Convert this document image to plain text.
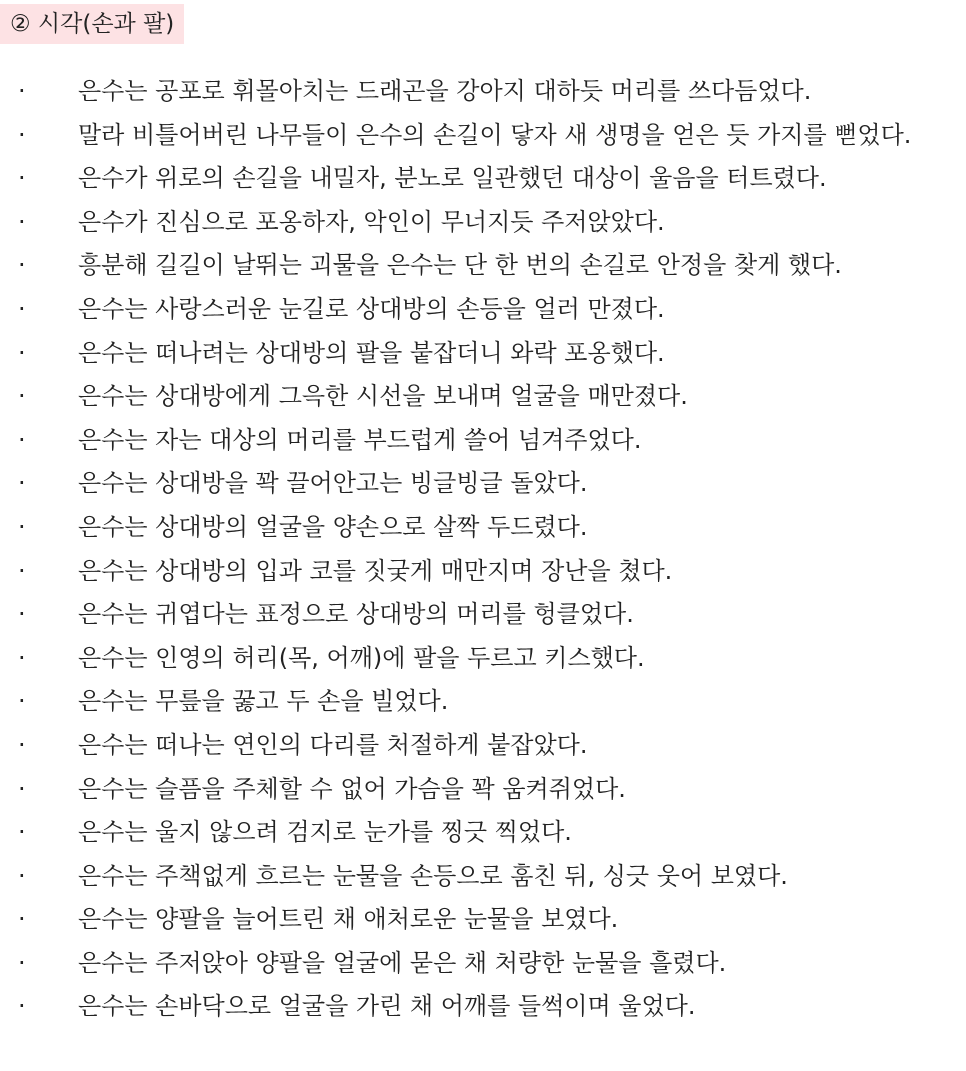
② 시각(손과 팔)
· 은수는 공포로 휘몰아치는 드래곤을 강아지 대하듯 머리를 쓰다듬었다.
· 말라 비틀어버린 나무들이 은수의 손길이 닿자 새 생명을 얻은 듯 가지를 뻗었다.
· 은수가 위로의 손길을 내밀자, 분노로 일관했던 대상이 울음을 터트렸다.
· 은수가 진심으로 포옹하자, 악인이 무너지듯 주저앉았다.
· 흥분해 길길이 날뛰는 괴물을 은수는 단 한 번의 손길로 안정을 찾게 했다.
· 은수는 사랑스러운 눈길로 상대방의 손등을 얼러 만졌다.
· 은수는 떠나려는 상대방의 팔을 붙잡더니 와락 포옹했다.
· 은수는 상대방에게 그윽한 시선을 보내며 얼굴을 매만졌다.
· 은수는 자는 대상의 머리를 부드럽게 쓸어 넘겨주었다.
· 은수는 상대방을 꽉 끌어안고는 빙글빙글 돌았다.
· 은수는 상대방의 얼굴을 양손으로 살짝 두드렸다.
· 은수는 상대방의 입과 코를 짓궂게 매만지며 장난을 쳤다.
· 은수는 귀엽다는 표정으로 상대방의 머리를 헝클었다.
· 은수는 인영의 허리(목, 어깨)에 팔을 두르고 키스했다.
· 은수는 무릎을 꿇고 두 손을 빌었다.
· 은수는 떠나는 연인의 다리를 처절하게 붙잡았다.
· 은수는 슬픔을 주체할 수 없어 가슴을 꽉 움켜쥐었다.
· 은수는 울지 않으려 검지로 눈가를 찡긋 찍었다.
· 은수는 주책없게 흐르는 눈물을 손등으로 훔친 뒤, 싱긋 웃어 보였다.
· 은수는 양팔을 늘어트린 채 애처로운 눈물을 보였다.
· 은수는 주저앉아 양팔을 얼굴에 묻은 채 처량한 눈물을 흘렸다.
· 은수는 손바닥으로 얼굴을 가린 채 어깨를 들썩이며 울었다.
